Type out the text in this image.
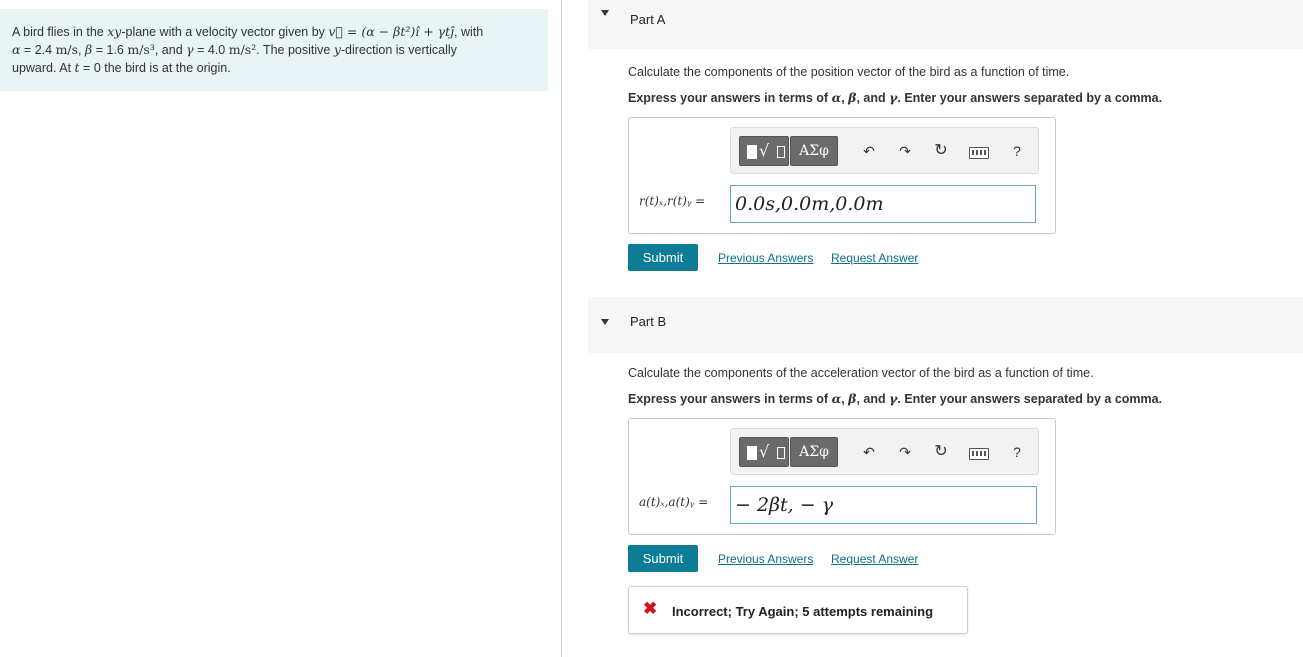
A bird flies in the xy-plane with a velocity vector given by v⃗ = (α − βt²)î + γtĵ, with
α = 2.4 m/s, β = 1.6 m/s³, and γ = 4.0 m/s². The positive y-direction is vertically
upward. At t = 0 the bird is at the origin.
Part A
Calculate the components of the position vector of the bird as a function of time.
Express your answers in terms of α, β, and γ. Enter your answers separated by a comma.
√	ΑΣφ	↶ ↷ ↻	?
r(t)ₓ,r(t)ᵧ = 0.0s,0.0m,0.0m
Submit	Previous Answers Request Answer
Part B
Calculate the components of the acceleration vector of the bird as a function of time.
Express your answers in terms of α, β, and γ. Enter your answers separated by a comma.
√	ΑΣφ	↶ ↷ ↻	?
a(t)ₓ,a(t)ᵧ = − 2βt, − γ
Submit	Previous Answers Request Answer
✖ Incorrect; Try Again; 5 attempts remaining
